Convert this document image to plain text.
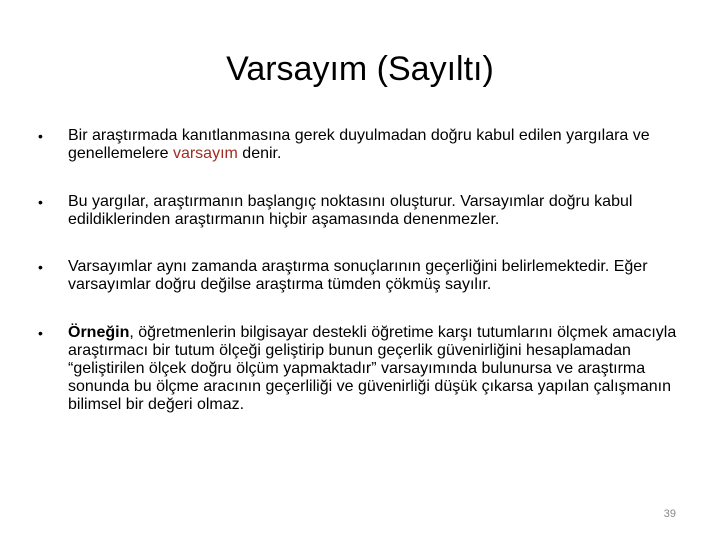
Varsayım (Sayıltı)
• Bir araştırmada kanıtlanmasına gerek duyulmadan doğru kabul edilen yargılara ve genellemelere varsayım denir.
• Bu yargılar, araştırmanın başlangıç noktasını oluşturur. Varsayımlar doğru kabul edildiklerinden araştırmanın hiçbir aşamasında denenmezler.
• Varsayımlar aynı zamanda araştırma sonuçlarının geçerliğini belirlemektedir. Eğer varsayımlar doğru değilse araştırma tümden çökmüş sayılır.
• Örneğin, öğretmenlerin bilgisayar destekli öğretime karşı tutumlarını ölçmek amacıyla araştırmacı bir tutum ölçeği geliştirip bunun geçerlik güvenirliğini hesaplamadan “geliştirilen ölçek doğru ölçüm yapmaktadır” varsayımında bulunursa ve araştırma sonunda bu ölçme aracının geçerliliği ve güvenirliği düşük çıkarsa yapılan çalışmanın bilimsel bir değeri olmaz.
39
